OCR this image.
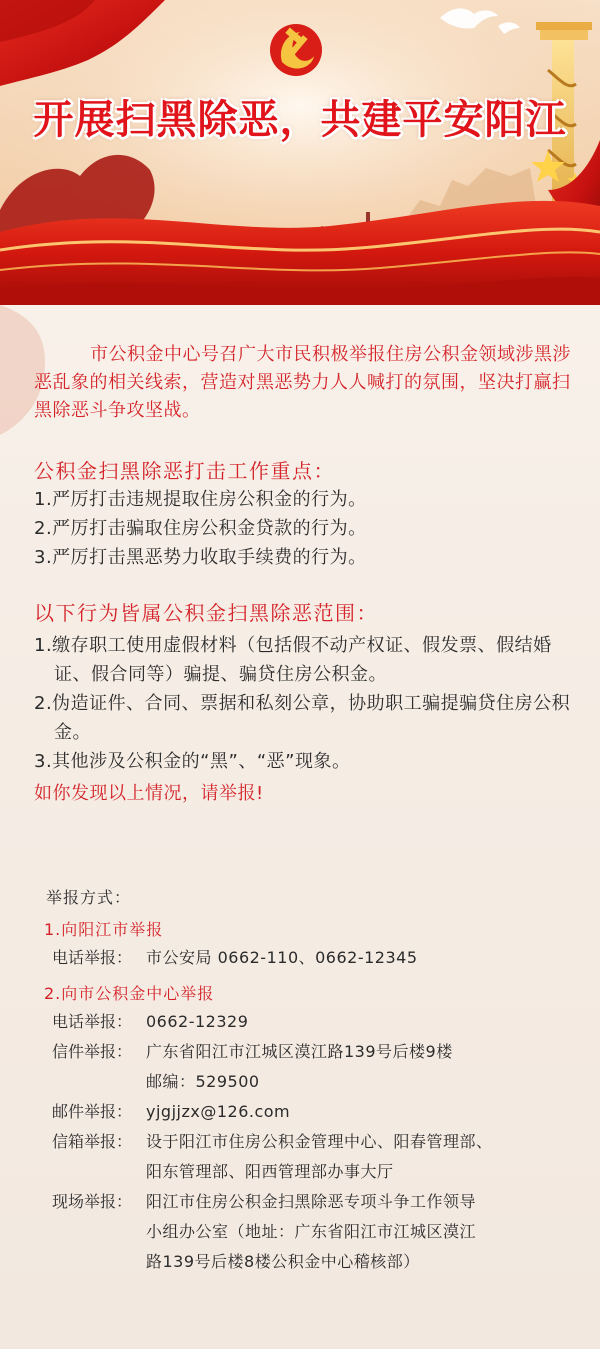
开展扫黑除恶，共建平安阳江

市公积金中心号召广大市民积极举报住房公积金领域涉黑涉恶乱象的相关线索，营造对黑恶势力人人喊打的氛围，坚决打赢扫黑除恶斗争攻坚战。

公积金扫黑除恶打击工作重点：
1.严厉打击违规提取住房公积金的行为。
2.严厉打击骗取住房公积金贷款的行为。
3.严厉打击黑恶势力收取手续费的行为。
以下行为皆属公积金扫黑除恶范围：
1.缴存职工使用虚假材料（包括假不动产权证、假发票、假结婚证、假合同等）骗提、骗贷住房公积金。
2.伪造证件、合同、票据和私刻公章，协助职工骗提骗贷住房公积金。
3.其他涉及公积金的“黑”、“恶”现象。
如你发现以上情况，请举报!
举报方式：
1.向阳江市举报
电话举报： 市公安局 0662-110、0662-12345
2.向市公积金中心举报
电话举报： 0662-12329
信件举报： 广东省阳江市江城区漠江路139号后楼9楼
邮编：529500
邮件举报： yjgjjzx@126.com
信箱举报： 设于阳江市住房公积金管理中心、阳春管理部、
阳东管理部、阳西管理部办事大厅
现场举报： 阳江市住房公积金扫黑除恶专项斗争工作领导
小组办公室（地址：广东省阳江市江城区漠江
路139号后楼8楼公积金中心稽核部）
